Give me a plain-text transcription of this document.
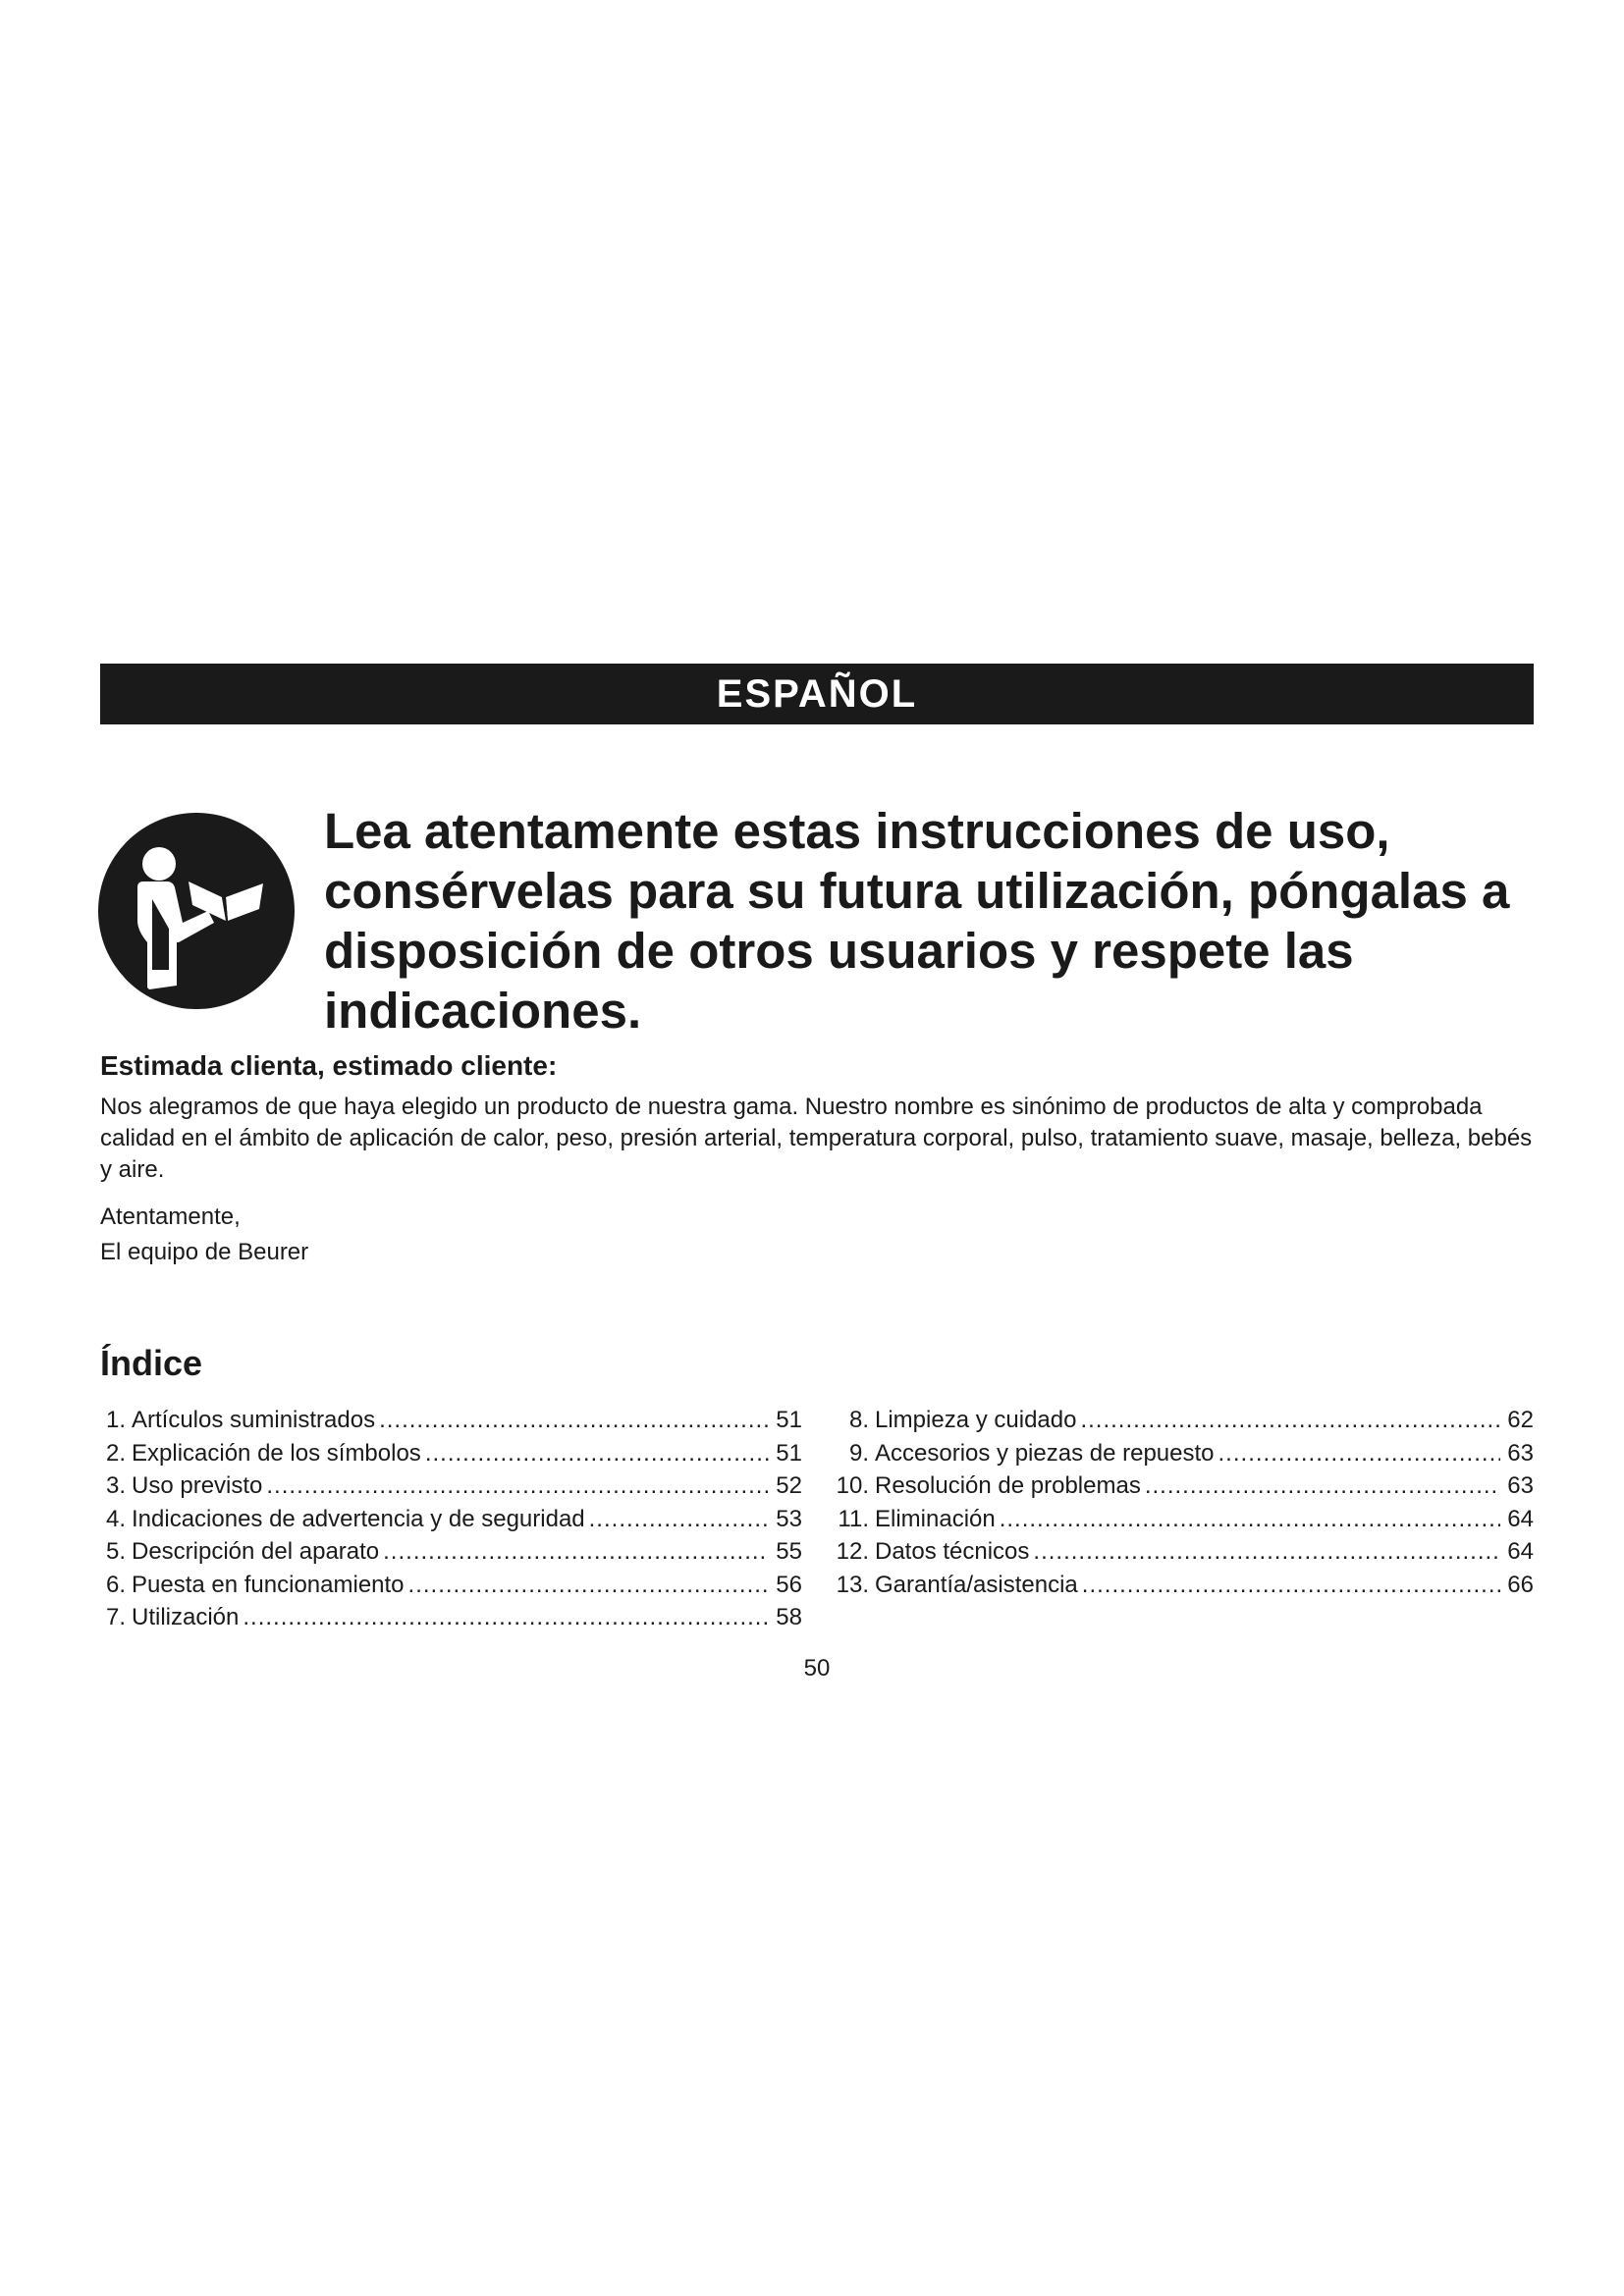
ESPAÑOL

Lea atentamente estas instrucciones de uso, consérvelas para su futura utilización, póngalas a disposición de otros usuarios y respete las indicaciones.

Estimada clienta, estimado cliente:

Nos alegramos de que haya elegido un producto de nuestra gama. Nuestro nombre es sinónimo de productos de alta y comprobada calidad en el ámbito de aplicación de calor, peso, presión arterial, temperatura corporal, pulso, tratamiento suave, masaje, belleza, bebés y aire.

Atentamente,
El equipo de Beurer
Índice
1. Artículos suministrados .....	51
2. Explicación de los símbolos .....	51
3. Uso previsto .....	52
4. Indicaciones de advertencia y de seguridad .....	53
5. Descripción del aparato .....	55
6. Puesta en funcionamiento .....	56
7. Utilización .....	58
8. Limpieza y cuidado .....	62
9. Accesorios y piezas de repuesto .....	63
10. Resolución de problemas .....	63
11. Eliminación .....	64
12. Datos técnicos .....	64
13. Garantía/asistencia .....	66

50
